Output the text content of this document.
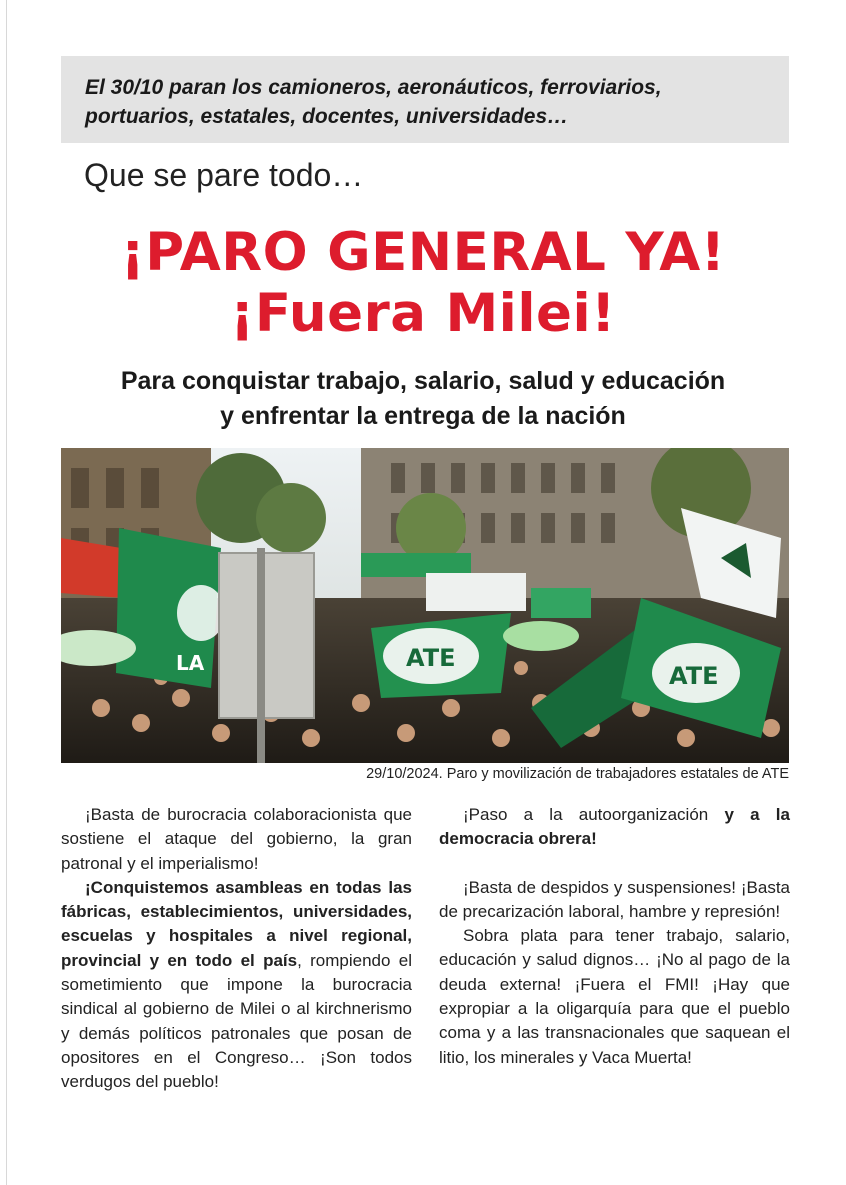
El 30/10 paran los camioneros, aeronáuticos, ferroviarios,
portuarios, estatales, docentes, universidades…
Que se pare todo…
¡PARO GENERAL YA!
¡Fuera Milei!
Para conquistar trabajo, salario, salud y educación
y enfrentar la entrega de la nación
LA	ATE
ATE
29/10/2024. Paro y movilización de trabajadores estatales de ATE

¡Basta de burocracia colaboracionista que sostiene el ataque del gobierno, la gran patronal y el imperialismo!

¡Conquistemos asambleas en todas las fábricas, establecimientos, universidades, escuelas y hospitales a nivel regional, provincial y en todo el país, rompiendo el sometimiento que impone la burocracia sindical al gobierno de Milei o al kirchnerismo y demás políticos patronales que posan de opositores en el Congreso… ¡Son todos verdugos del pueblo!

¡Paso a la autoorganización y a la democracia obrera!

¡Basta de despidos y suspensiones! ¡Basta de precarización laboral, hambre y represión!

Sobra plata para tener trabajo, salario, educación y salud dignos… ¡No al pago de la deuda externa! ¡Fuera el FMI! ¡Hay que expropiar a la oligarquía para que el pueblo coma y a las transnacionales que saquean el litio, los minerales y Vaca Muerta!
